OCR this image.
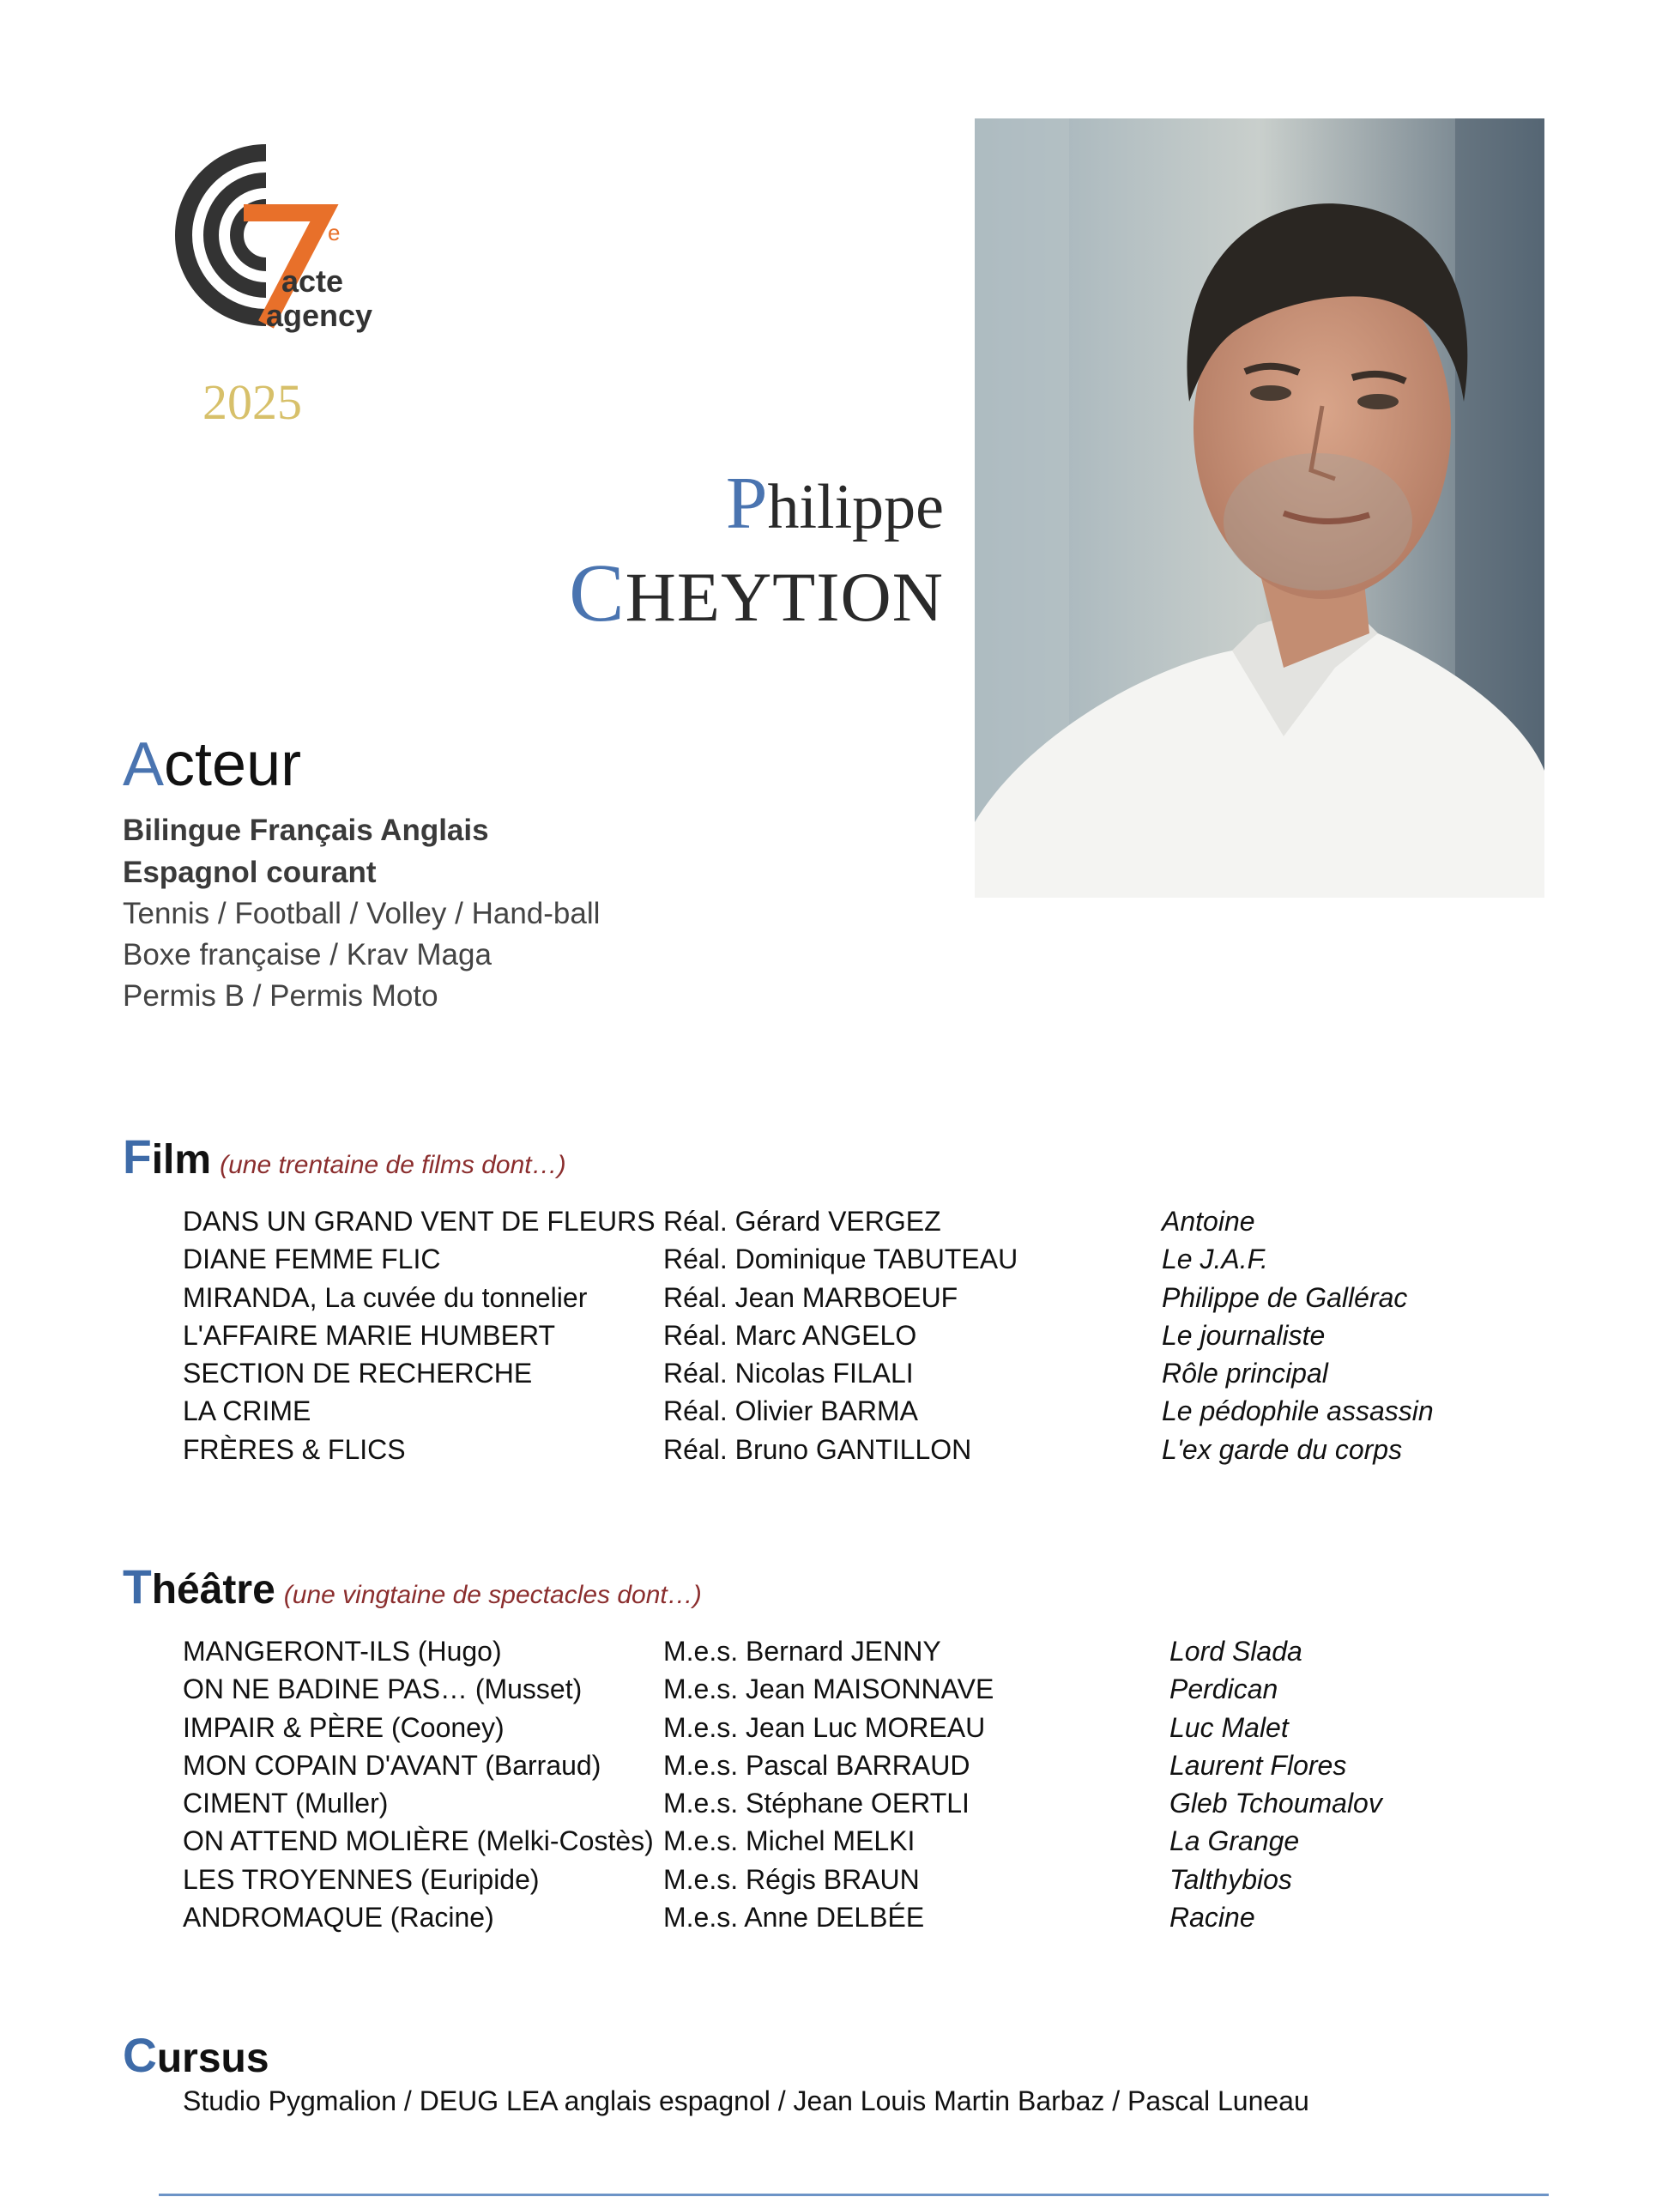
e
acte
agency
2025
Philippe
CHEYTION
Acteur
Bilingue Français Anglais
Espagnol courant
Tennis / Football / Volley / Hand-ball
Boxe française / Krav Maga
Permis B / Permis Moto
Film (une trentaine de films dont…)
DANS UN GRAND VENT DE FLEURS Réal. Gérard VERGEZ	Antoine
DIANE FEMME FLIC	Réal. Dominique TABUTEAU	Le J.A.F.
MIRANDA, La cuvée du tonnelier	Réal. Jean MARBOEUF	Philippe de Gallérac
L'AFFAIRE MARIE HUMBERT	Réal. Marc ANGELO	Le journaliste
SECTION DE RECHERCHE	Réal. Nicolas FILALI	Rôle principal
LA CRIME	Réal. Olivier BARMA	Le pédophile assassin
FRÈRES & FLICS	Réal. Bruno GANTILLON	L'ex garde du corps
Théâtre (une vingtaine de spectacles dont…)
MANGERONT-ILS (Hugo)	M.e.s. Bernard JENNY	Lord Slada
ON NE BADINE PAS… (Musset)	M.e.s. Jean MAISONNAVE	Perdican
IMPAIR & PÈRE (Cooney)	M.e.s. Jean Luc MOREAU	Luc Malet
MON COPAIN D'AVANT (Barraud) M.e.s. Pascal BARRAUD	Laurent Flores
CIMENT (Muller)	M.e.s. Stéphane OERTLI	Gleb Tchoumalov
ON ATTEND MOLIÈRE (Melki-Costès) M.e.s. Michel MELKI	La Grange
LES TROYENNES (Euripide)	M.e.s. Régis BRAUN	Talthybios
ANDROMAQUE (Racine)	M.e.s. Anne DELBÉE	Racine
Cursus
Studio Pygmalion / DEUG LEA anglais espagnol / Jean Louis Martin Barbaz / Pascal Luneau
